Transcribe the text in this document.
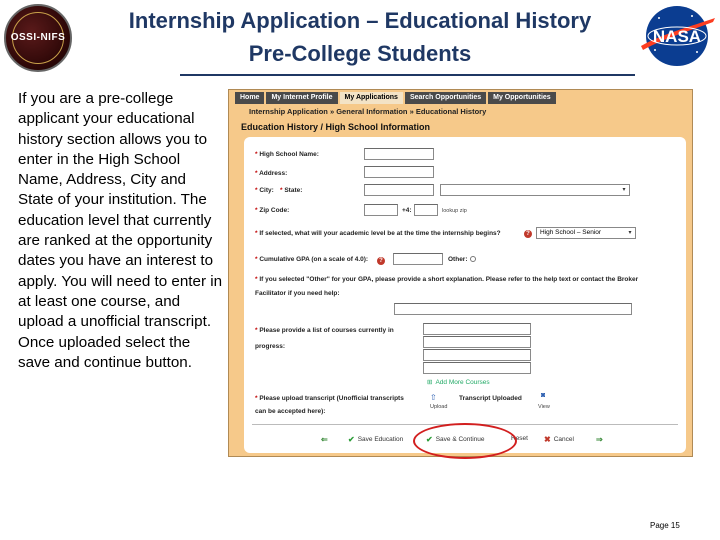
OSSI-NIFS
Internship Application – Educational History
Pre-College Students
NASA
If you are a pre-college applicant your educational history section allows you to enter in the High School Name, Address, City and State of your institution. The education level that currently are ranked at the opportunity dates you have an interest to apply. You will need to enter in at least one course, and upload a unofficial transcript. Once uploaded select the save and continue button.
Home	My Internet Profile	My Applications	Search Opportunities	My Opportunities
Internship Application » General Information » Educational History
Education History / High School Information
* High School Name:
* Address:
* City: * State:	▾
* Zip Code:	+4:	lookup zip
* If selected, what will your academic level be at the time the internship begins?	?	High School – Senior	▾
* Cumulative GPA (on a scale of 4.0):	?	Other:
* If you selected "Other" for your GPA, please provide a short explanation. Please refer to the help text or contact the Broker
Facilitator if you need help:
* Please provide a list of courses currently in
progress:
⊞ Add More Courses
* Please upload transcript (Unofficial transcripts
can be accepted here):
⇧
Upload
Transcript Uploaded	◙
View
⇐	✔ Save Education	✔ Save & Continue	Reset ✖ Cancel	⇒
Page 15
